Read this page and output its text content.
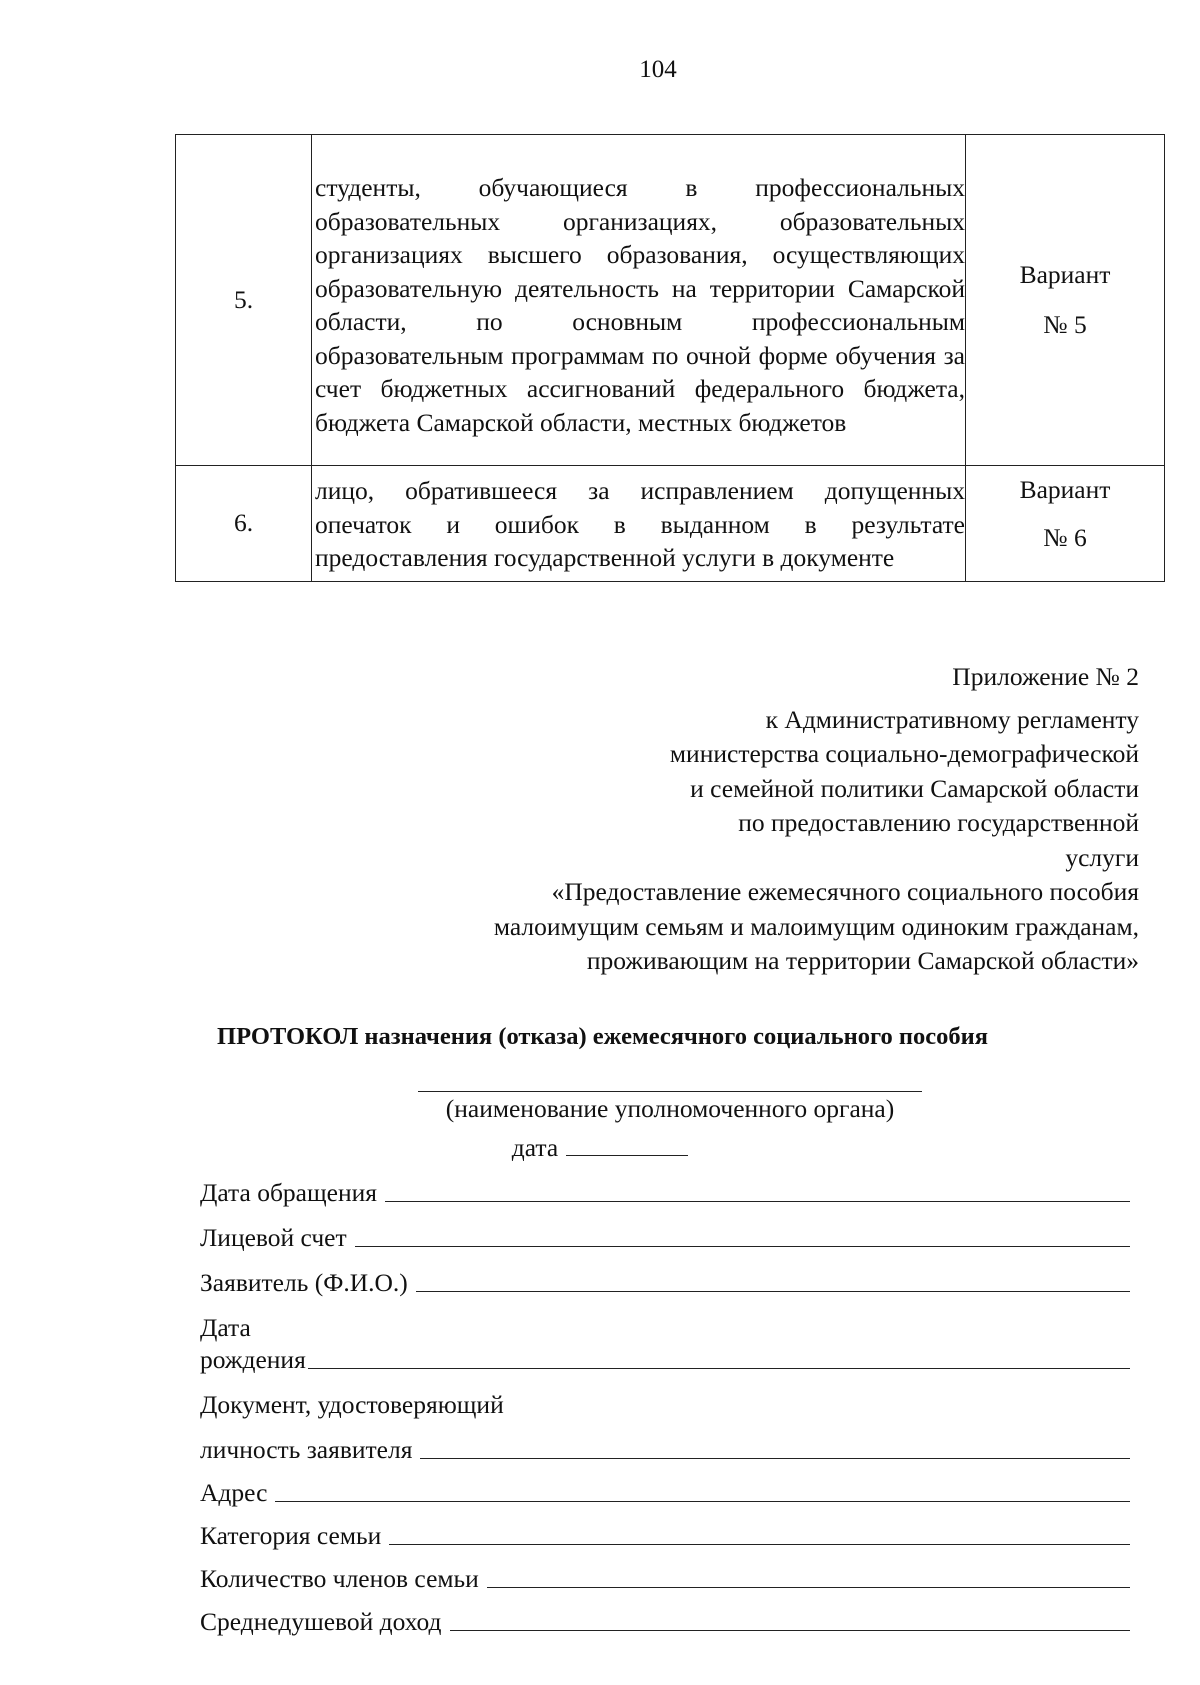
104
5.	студенты, обучающиеся в профессиональных образовательных организациях, образовательных организациях высшего образования, осуществляющих образовательную деятельность на территории Самарской области, по основным профессиональным образовательным программам по очной форме обучения за счет бюджетных ассигнований федерального бюджета, бюджета Самарской области, местных бюджетов	Вариант
№ 5

6.	лицо, обратившееся за исправлением допущенных опечаток и ошибок в выданном в результате предоставления государственной услуги в документе	Вариант
№ 6
Приложение № 2
к Административному регламенту
министерства социально-демографической
и семейной политики Самарской области
по предоставлению государственной
услуги
«Предоставление ежемесячного социального пособия
малоимущим семьям и малоимущим одиноким гражданам,
проживающим на территории Самарской области»
ПРОТОКОЛ назначения (отказа) ежемесячного социального пособия
(наименование уполномоченного органа)
дата
Дата обращения
Лицевой счет
Заявитель (Ф.И.О.)
Дата
рождения
Документ, удостоверяющий
личность заявителя
Адрес
Категория семьи
Количество членов семьи
Среднедушевой доход
